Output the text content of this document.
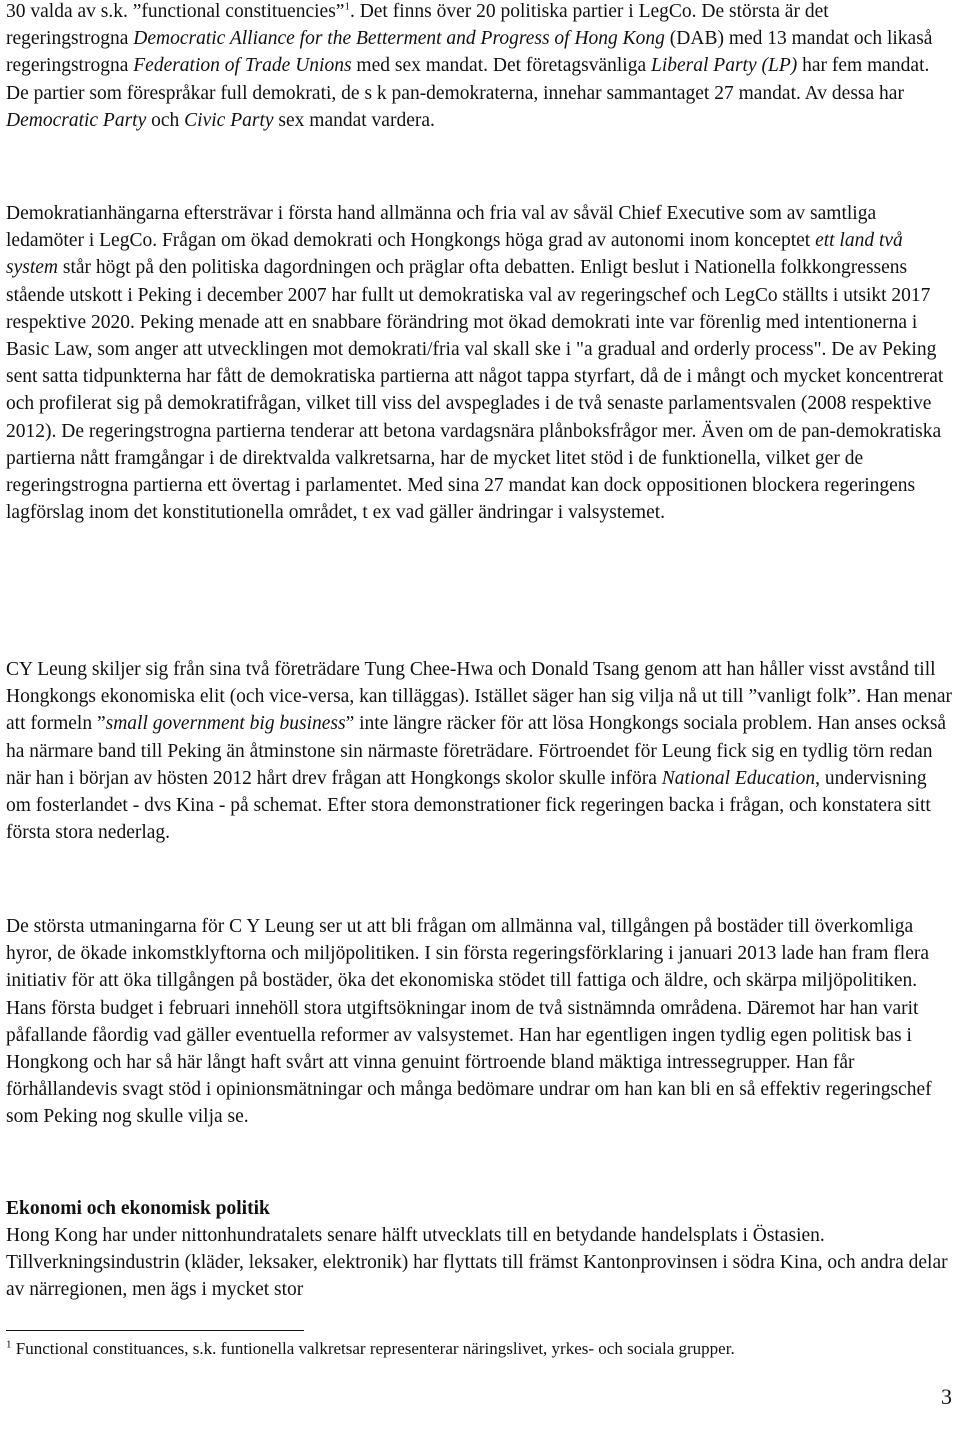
30 valda av s.k. ”functional constituencies”$^1$. Det finns över 20 politiska partier i LegCo. De största är det regeringstrogna Democratic Alliance for the Betterment and Progress of Hong Kong (DAB) med 13 mandat och likaså regeringstrogna Federation of Trade Unions med sex mandat. Det företagsvänliga Liberal Party (LP) har fem mandat. De partier som förespråkar full demokrati, de s k pan-demokraterna, innehar sammantaget 27 mandat. Av dessa har Democratic Party och Civic Party sex mandat vardera.

Demokratianhängarna eftersträvar i första hand allmänna och fria val av såväl Chief Executive som av samtliga ledamöter i LegCo. Frågan om ökad demokrati och Hongkongs höga grad av autonomi inom konceptet ett land två system står högt på den politiska dagordningen och präglar ofta debatten. Enligt beslut i Nationella folkkongressens stående utskott i Peking i december 2007 har fullt ut demokratiska val av regeringschef och LegCo ställts i utsikt 2017 respektive 2020. Peking menade att en snabbare förändring mot ökad demokrati inte var förenlig med intentionerna i Basic Law, som anger att utvecklingen mot demokrati/fria val skall ske i "a gradual and orderly process". De av Peking sent satta tidpunkterna har fått de demokratiska partierna att något tappa styrfart, då de i mångt och mycket koncentrerat och profilerat sig på demokratifrågan, vilket till viss del avspeglades i de två senaste parlamentsvalen (2008 respektive 2012). De regeringstrogna partierna tenderar att betona vardagsnära plånboksfrågor mer. Även om de pan-demokratiska partierna nått framgångar i de direktvalda valkretsarna, har de mycket litet stöd i de funktionella, vilket ger de regeringstrogna partierna ett övertag i parlamentet. Med sina 27 mandat kan dock oppositionen blockera regeringens lagförslag inom det konstitutionella området, t ex vad gäller ändringar i valsystemet.

CY Leung skiljer sig från sina två företrädare Tung Chee-Hwa och Donald Tsang genom att han håller visst avstånd till Hongkongs ekonomiska elit (och vice-versa, kan tilläggas). Istället säger han sig vilja nå ut till ”vanligt folk”. Han menar att formeln ”small government big business” inte längre räcker för att lösa Hongkongs sociala problem. Han anses också ha närmare band till Peking än åtminstone sin närmaste företrädare. Förtroendet för Leung fick sig en tydlig törn redan när han i början av hösten 2012 hårt drev frågan att Hongkongs skolor skulle införa National Education, undervisning om fosterlandet - dvs Kina - på schemat. Efter stora demonstrationer fick regeringen backa i frågan, och konstatera sitt första stora nederlag.

De största utmaningarna för C Y Leung ser ut att bli frågan om allmänna val, tillgången på bostäder till överkomliga hyror, de ökade inkomstklyftorna och miljöpolitiken. I sin första regeringsförklaring i januari 2013 lade han fram flera initiativ för att öka tillgången på bostäder, öka det ekonomiska stödet till fattiga och äldre, och skärpa miljöpolitiken. Hans första budget i februari innehöll stora utgiftsökningar inom de två sistnämnda områdena. Däremot har han varit påfallande fåordig vad gäller eventuella reformer av valsystemet. Han har egentligen ingen tydlig egen politisk bas i Hongkong och har så här långt haft svårt att vinna genuint förtroende bland mäktiga intressegrupper. Han får förhållandevis svagt stöd i opinionsmätningar och många bedömare undrar om han kan bli en så effektiv regeringschef som Peking nog skulle vilja se.

Ekonomi och ekonomisk politik

Hong Kong har under nittonhundratalets senare hälft utvecklats till en betydande handelsplats i Östasien. Tillverkningsindustrin (kläder, leksaker, elektronik) har flyttats till främst Kantonprovinsen i södra Kina, och andra delar av närregionen, men ägs i mycket stor

$^1$ Functional constituances, s.k. funtionella valkretsar representerar näringslivet, yrkes- och sociala grupper.
3
